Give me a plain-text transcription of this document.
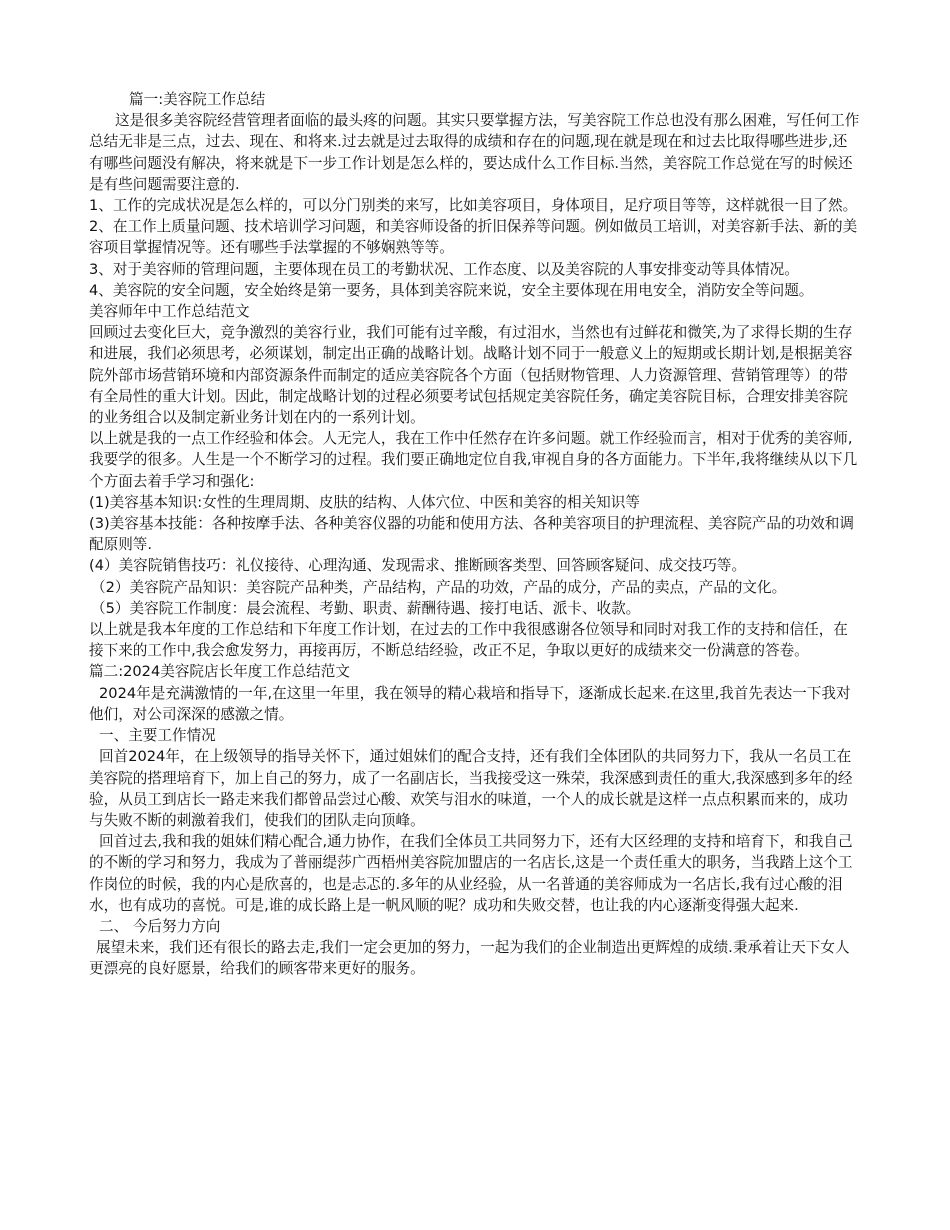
篇一:美容院工作总结

这是很多美容院经营管理者面临的最头疼的问题。其实只要掌握方法，写美容院工作总也没有那么困难，写任何工作总结无非是三点，过去、现在、和将来.过去就是过去取得的成绩和存在的问题,现在就是现在和过去比取得哪些进步,还有哪些问题没有解决，将来就是下一步工作计划是怎么样的，要达成什么工作目标.当然，美容院工作总觉在写的时候还是有些问题需要注意的.

1、工作的完成状况是怎么样的，可以分门别类的来写，比如美容项目，身体项目，足疗项目等等，这样就很一目了然。

2、在工作上质量问题、技术培训学习问题，和美容师设备的折旧保养等问题。例如做员工培训，对美容新手法、新的美容项目掌握情况等。还有哪些手法掌握的不够娴熟等等。

3、对于美容师的管理问题，主要体现在员工的考勤状况、工作态度、以及美容院的人事安排变动等具体情况。

4、美容院的安全问题，安全始终是第一要务，具体到美容院来说，安全主要体现在用电安全，消防安全等问题。

美容师年中工作总结范文

回顾过去变化巨大，竞争激烈的美容行业，我们可能有过辛酸，有过泪水，当然也有过鲜花和微笑,为了求得长期的生存和进展，我们必须思考，必须谋划，制定出正确的战略计划。战略计划不同于一般意义上的短期或长期计划,是根据美容院外部市场营销环境和内部资源条件而制定的适应美容院各个方面（包括财物管理、人力资源管理、营销管理等）的带有全局性的重大计划。因此，制定战略计划的过程必须要考试包括规定美容院任务，确定美容院目标，合理安排美容院的业务组合以及制定新业务计划在内的一系列计划。

以上就是我的一点工作经验和体会。人无完人，我在工作中任然存在许多问题。就工作经验而言，相对于优秀的美容师,我要学的很多。人生是一个不断学习的过程。我们要正确地定位自我,审视自身的各方面能力。下半年,我将继续从以下几个方面去着手学习和强化:

(1)美容基本知识:女性的生理周期、皮肤的结构、人体穴位、中医和美容的相关知识等

(3)美容基本技能：各种按摩手法、各种美容仪器的功能和使用方法、各种美容项目的护理流程、美容院产品的功效和调配原则等.

(4）美容院销售技巧：礼仪接待、心理沟通、发现需求、推断顾客类型、回答顾客疑问、成交技巧等。

（2）美容院产品知识：美容院产品种类，产品结构，产品的功效，产品的成分，产品的卖点，产品的文化。

（5）美容院工作制度：晨会流程、考勤、职责、薪酬待遇、接打电话、派卡、收款。

以上就是我本年度的工作总结和下年度工作计划，在过去的工作中我很感谢各位领导和同时对我工作的支持和信任，在接下来的工作中,我会愈发努力，再接再厉，不断总结经验，改正不足，争取以更好的成绩来交一份满意的答卷。

篇二:2024美容院店长年度工作总结范文

2024年是充满激情的一年,在这里一年里，我在领导的精心栽培和指导下，逐渐成长起来.在这里,我首先表达一下我对他们，对公司深深的感激之情。

一、主要工作情况

回首2024年，在上级领导的指导关怀下，通过姐妹们的配合支持，还有我们全体团队的共同努力下，我从一名员工在美容院的搭理培育下，加上自己的努力，成了一名副店长，当我接受这一殊荣，我深感到责任的重大,我深感到多年的经验，从员工到店长一路走来我们都曾品尝过心酸、欢笑与泪水的味道，一个人的成长就是这样一点点积累而来的，成功与失败不断的刺激着我们，使我们的团队走向顶峰。

回首过去,我和我的姐妹们精心配合,通力协作，在我们全体员工共同努力下，还有大区经理的支持和培育下，和我自己的不断的学习和努力，我成为了普丽缇莎广西梧州美容院加盟店的一名店长,这是一个责任重大的职务，当我踏上这个工作岗位的时候，我的内心是欣喜的，也是忐忑的.多年的从业经验，从一名普通的美容师成为一名店长,我有过心酸的泪水，也有成功的喜悦。可是,谁的成长路上是一帆风顺的呢？成功和失败交替，也让我的内心逐渐变得强大起来.

二、 今后努力方向

展望未来，我们还有很长的路去走,我们一定会更加的努力，一起为我们的企业制造出更辉煌的成绩.秉承着让天下女人更漂亮的良好愿景，给我们的顾客带来更好的服务。
